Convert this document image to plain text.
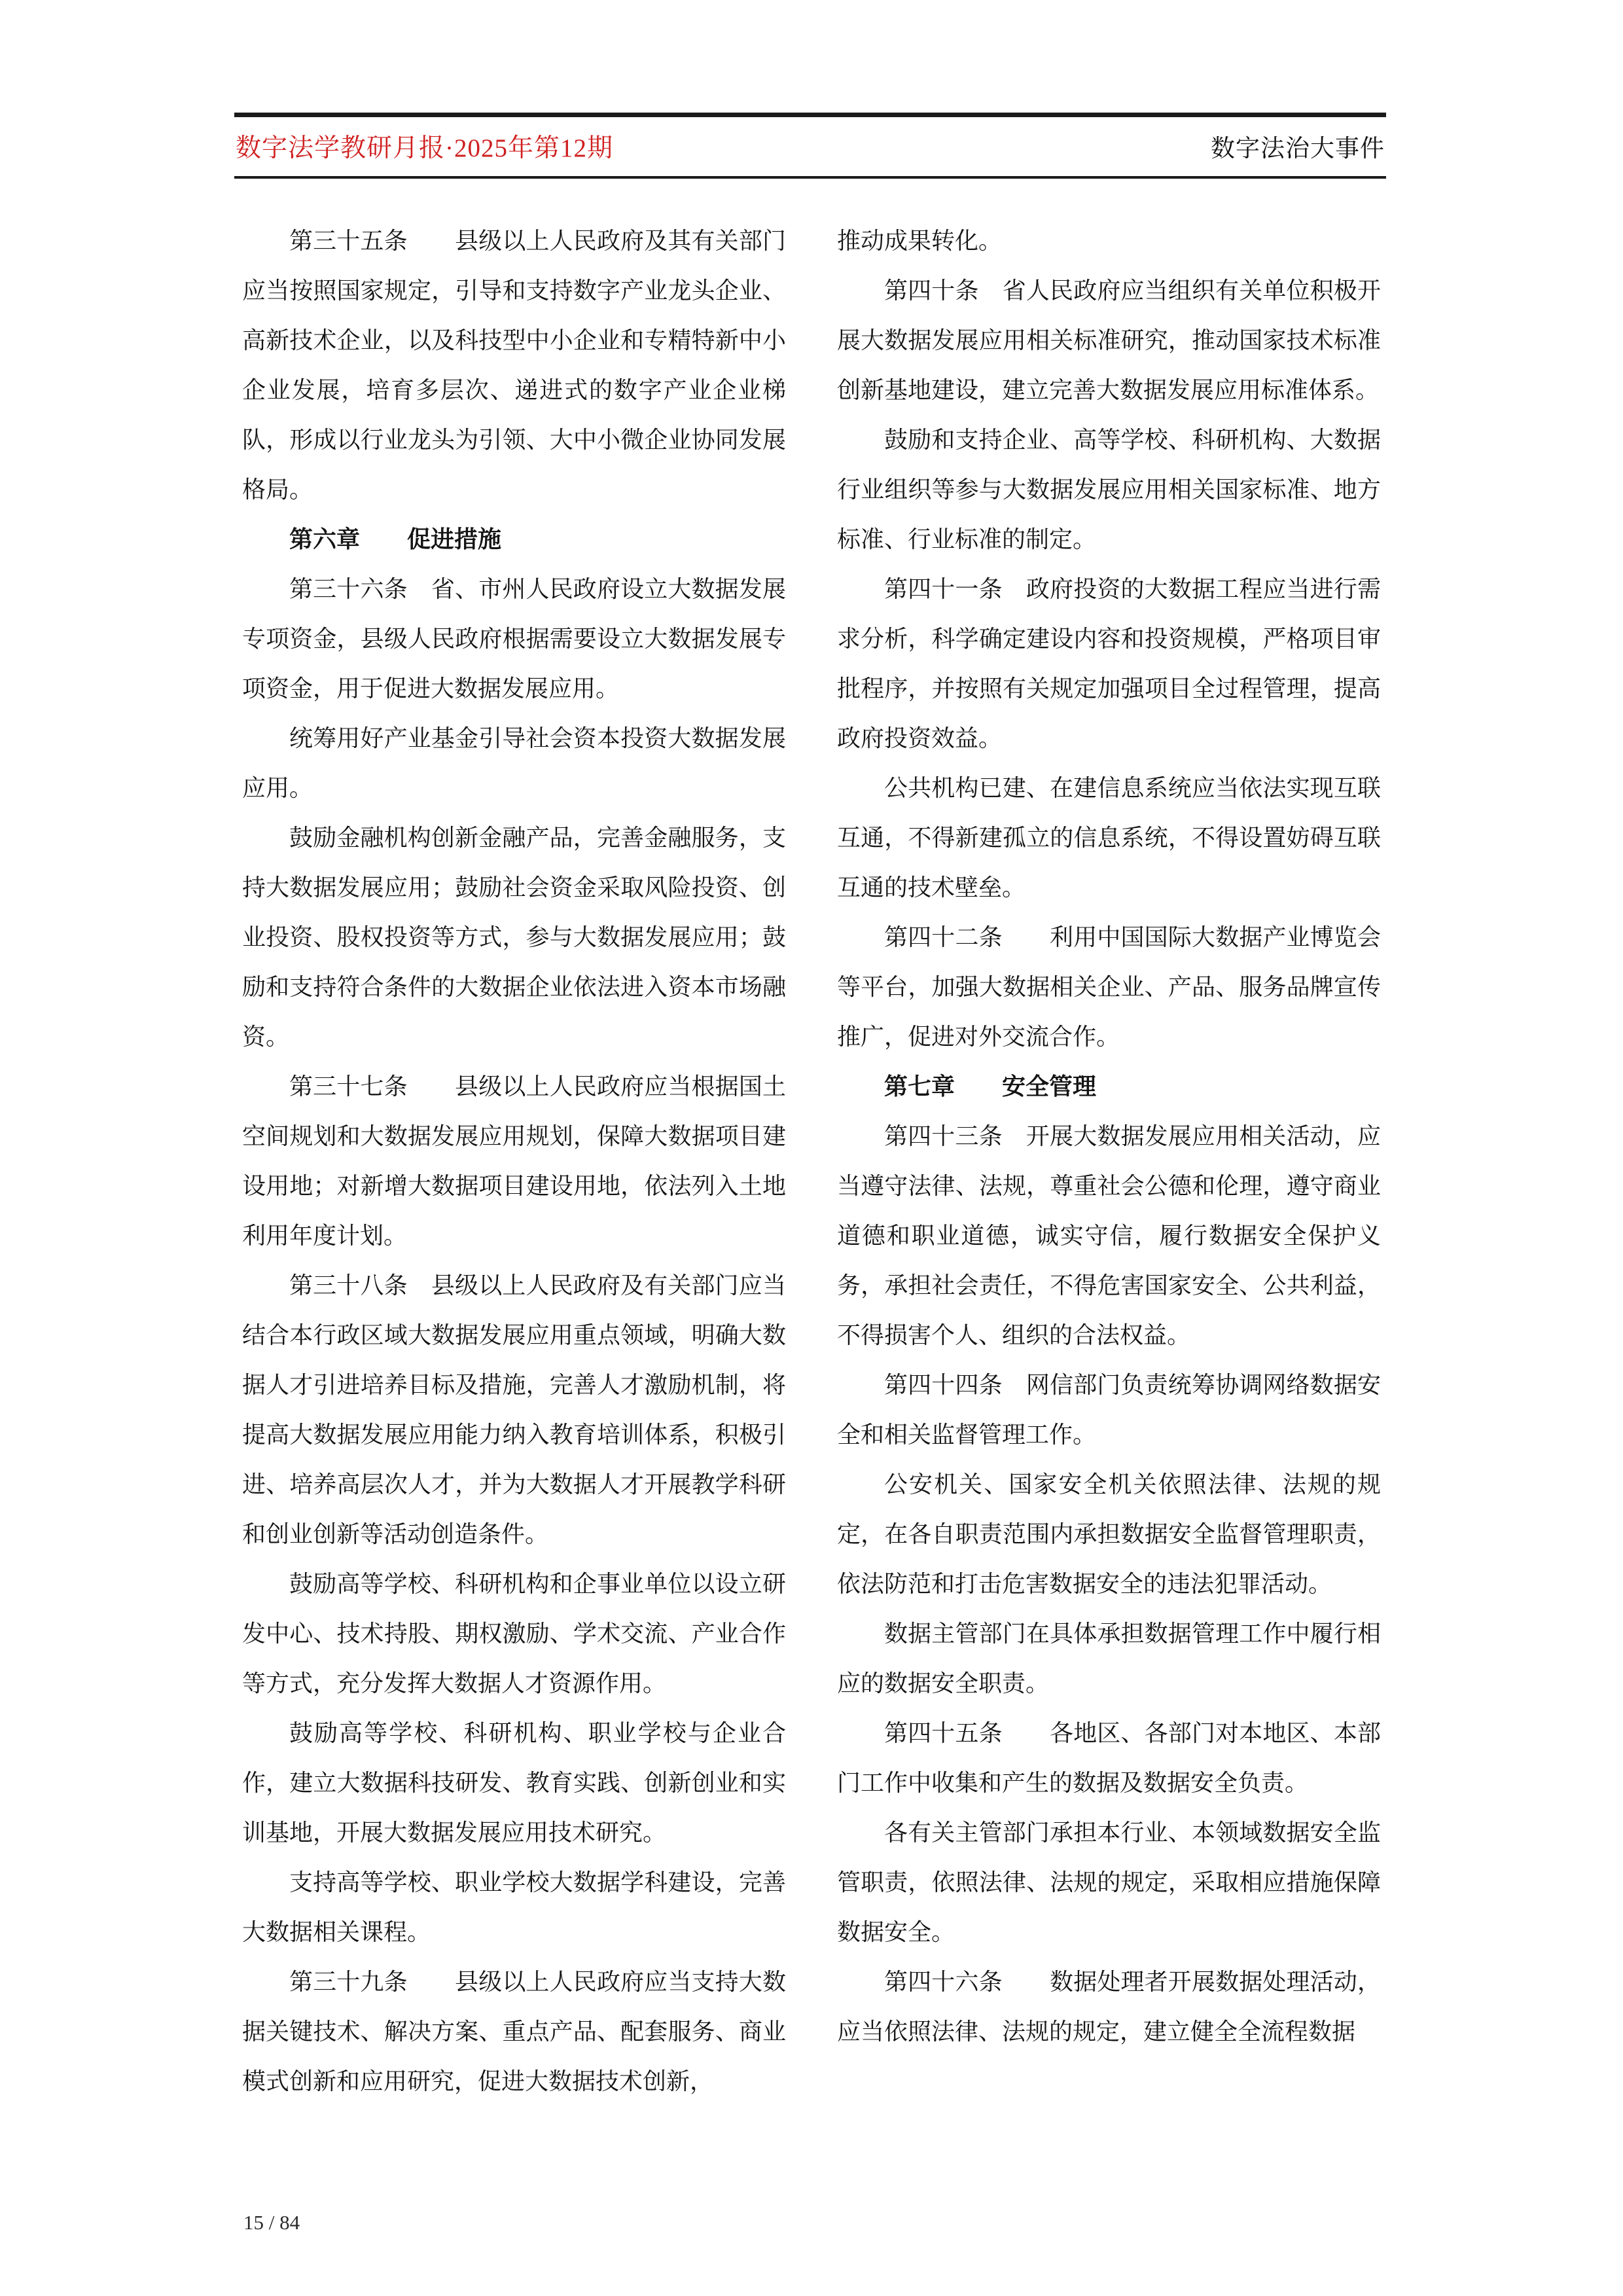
数字法学教研月报·2025年第12期	数字法治大事件

第三十五条　　县级以上人民政府及其有关部门应当按照国家规定，引导和支持数字产业龙头企业、高新技术企业，以及科技型中小企业和专精特新中小企业发展，培育多层次、递进式的数字产业企业梯队，形成以行业龙头为引领、大中小微企业协同发展格局。

第六章　　促进措施

第三十六条　省、市州人民政府设立大数据发展专项资金，县级人民政府根据需要设立大数据发展专项资金，用于促进大数据发展应用。

统筹用好产业基金引导社会资本投资大数据发展应用。

鼓励金融机构创新金融产品，完善金融服务，支持大数据发展应用；鼓励社会资金采取风险投资、创业投资、股权投资等方式，参与大数据发展应用；鼓励和支持符合条件的大数据企业依法进入资本市场融资。

第三十七条　　县级以上人民政府应当根据国土空间规划和大数据发展应用规划，保障大数据项目建设用地；对新增大数据项目建设用地，依法列入土地利用年度计划。

第三十八条　县级以上人民政府及有关部门应当结合本行政区域大数据发展应用重点领域，明确大数据人才引进培养目标及措施，完善人才激励机制，将提高大数据发展应用能力纳入教育培训体系，积极引进、培养高层次人才，并为大数据人才开展教学科研和创业创新等活动创造条件。

鼓励高等学校、科研机构和企事业单位以设立研发中心、技术持股、期权激励、学术交流、产业合作等方式，充分发挥大数据人才资源作用。

鼓励高等学校、科研机构、职业学校与企业合作，建立大数据科技研发、教育实践、创新创业和实训基地，开展大数据发展应用技术研究。

支持高等学校、职业学校大数据学科建设，完善大数据相关课程。

第三十九条　　县级以上人民政府应当支持大数据关键技术、解决方案、重点产品、配套服务、商业模式创新和应用研究，促进大数据技术创新，

推动成果转化。

第四十条　省人民政府应当组织有关单位积极开展大数据发展应用相关标准研究，推动国家技术标准创新基地建设，建立完善大数据发展应用标准体系。

鼓励和支持企业、高等学校、科研机构、大数据行业组织等参与大数据发展应用相关国家标准、地方标准、行业标准的制定。

第四十一条　政府投资的大数据工程应当进行需求分析，科学确定建设内容和投资规模，严格项目审批程序，并按照有关规定加强项目全过程管理，提高政府投资效益。

公共机构已建、在建信息系统应当依法实现互联互通，不得新建孤立的信息系统，不得设置妨碍互联互通的技术壁垒。

第四十二条　　利用中国国际大数据产业博览会等平台，加强大数据相关企业、产品、服务品牌宣传推广，促进对外交流合作。

第七章　　安全管理

第四十三条　开展大数据发展应用相关活动，应当遵守法律、法规，尊重社会公德和伦理，遵守商业道德和职业道德，诚实守信，履行数据安全保护义务，承担社会责任，不得危害国家安全、公共利益，不得损害个人、组织的合法权益。

第四十四条　网信部门负责统筹协调网络数据安全和相关监督管理工作。

公安机关、国家安全机关依照法律、法规的规定，在各自职责范围内承担数据安全监督管理职责，依法防范和打击危害数据安全的违法犯罪活动。

数据主管部门在具体承担数据管理工作中履行相应的数据安全职责。

第四十五条　　各地区、各部门对本地区、本部门工作中收集和产生的数据及数据安全负责。

各有关主管部门承担本行业、本领域数据安全监管职责，依照法律、法规的规定，采取相应措施保障数据安全。

第四十六条　　数据处理者开展数据处理活动，应当依照法律、法规的规定，建立健全全流程数据

15 / 84
